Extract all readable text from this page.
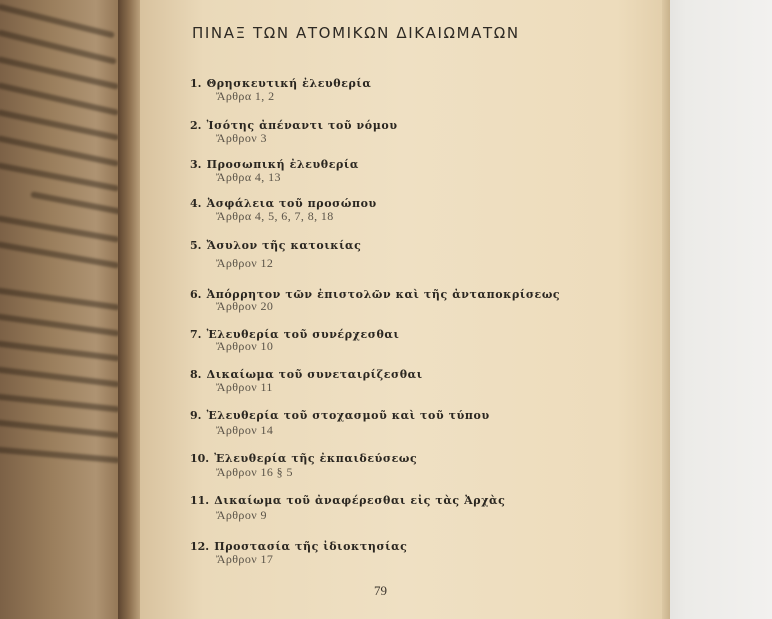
ΠΙΝΑΞ ΤΩΝ ΑΤΟΜΙΚΩΝ ΔΙΚΑΙΩΜΑΤΩΝ
1. Θρησκευτική ἐλευθερία
Ἄρθρα 1, 2
2. Ἰσότης ἀπέναντι τοῦ νόμου
Ἄρθρον 3
3. Προσωπική ἐλευθερία
Ἄρθρα 4, 13
4. Ἀσφάλεια τοῦ προσώπου
Ἄρθρα 4, 5, 6, 7, 8, 18
5. Ἄσυλον τῆς κατοικίας
Ἄρθρον 12
6. Ἀπόρρητον τῶν ἐπιστολῶν καὶ τῆς ἀνταποκρίσεως
Ἄρθρον 20
7. Ἐλευθερία τοῦ συνέρχεσθαι
Ἄρθρον 10
8. Δικαίωμα τοῦ συνεταιρίζεσθαι
Ἄρθρον 11
9. Ἐλευθερία τοῦ στοχασμοῦ καὶ τοῦ τύπου
Ἄρθρον 14
10. Ἐλευθερία τῆς ἐκπαιδεύσεως
Ἄρθρον 16 § 5
11. Δικαίωμα τοῦ ἀναφέρεσθαι εἰς τὰς Ἀρχὰς
Ἄρθρον 9
12. Προστασία τῆς ἰδιοκτησίας
Ἄρθρον 17
79
